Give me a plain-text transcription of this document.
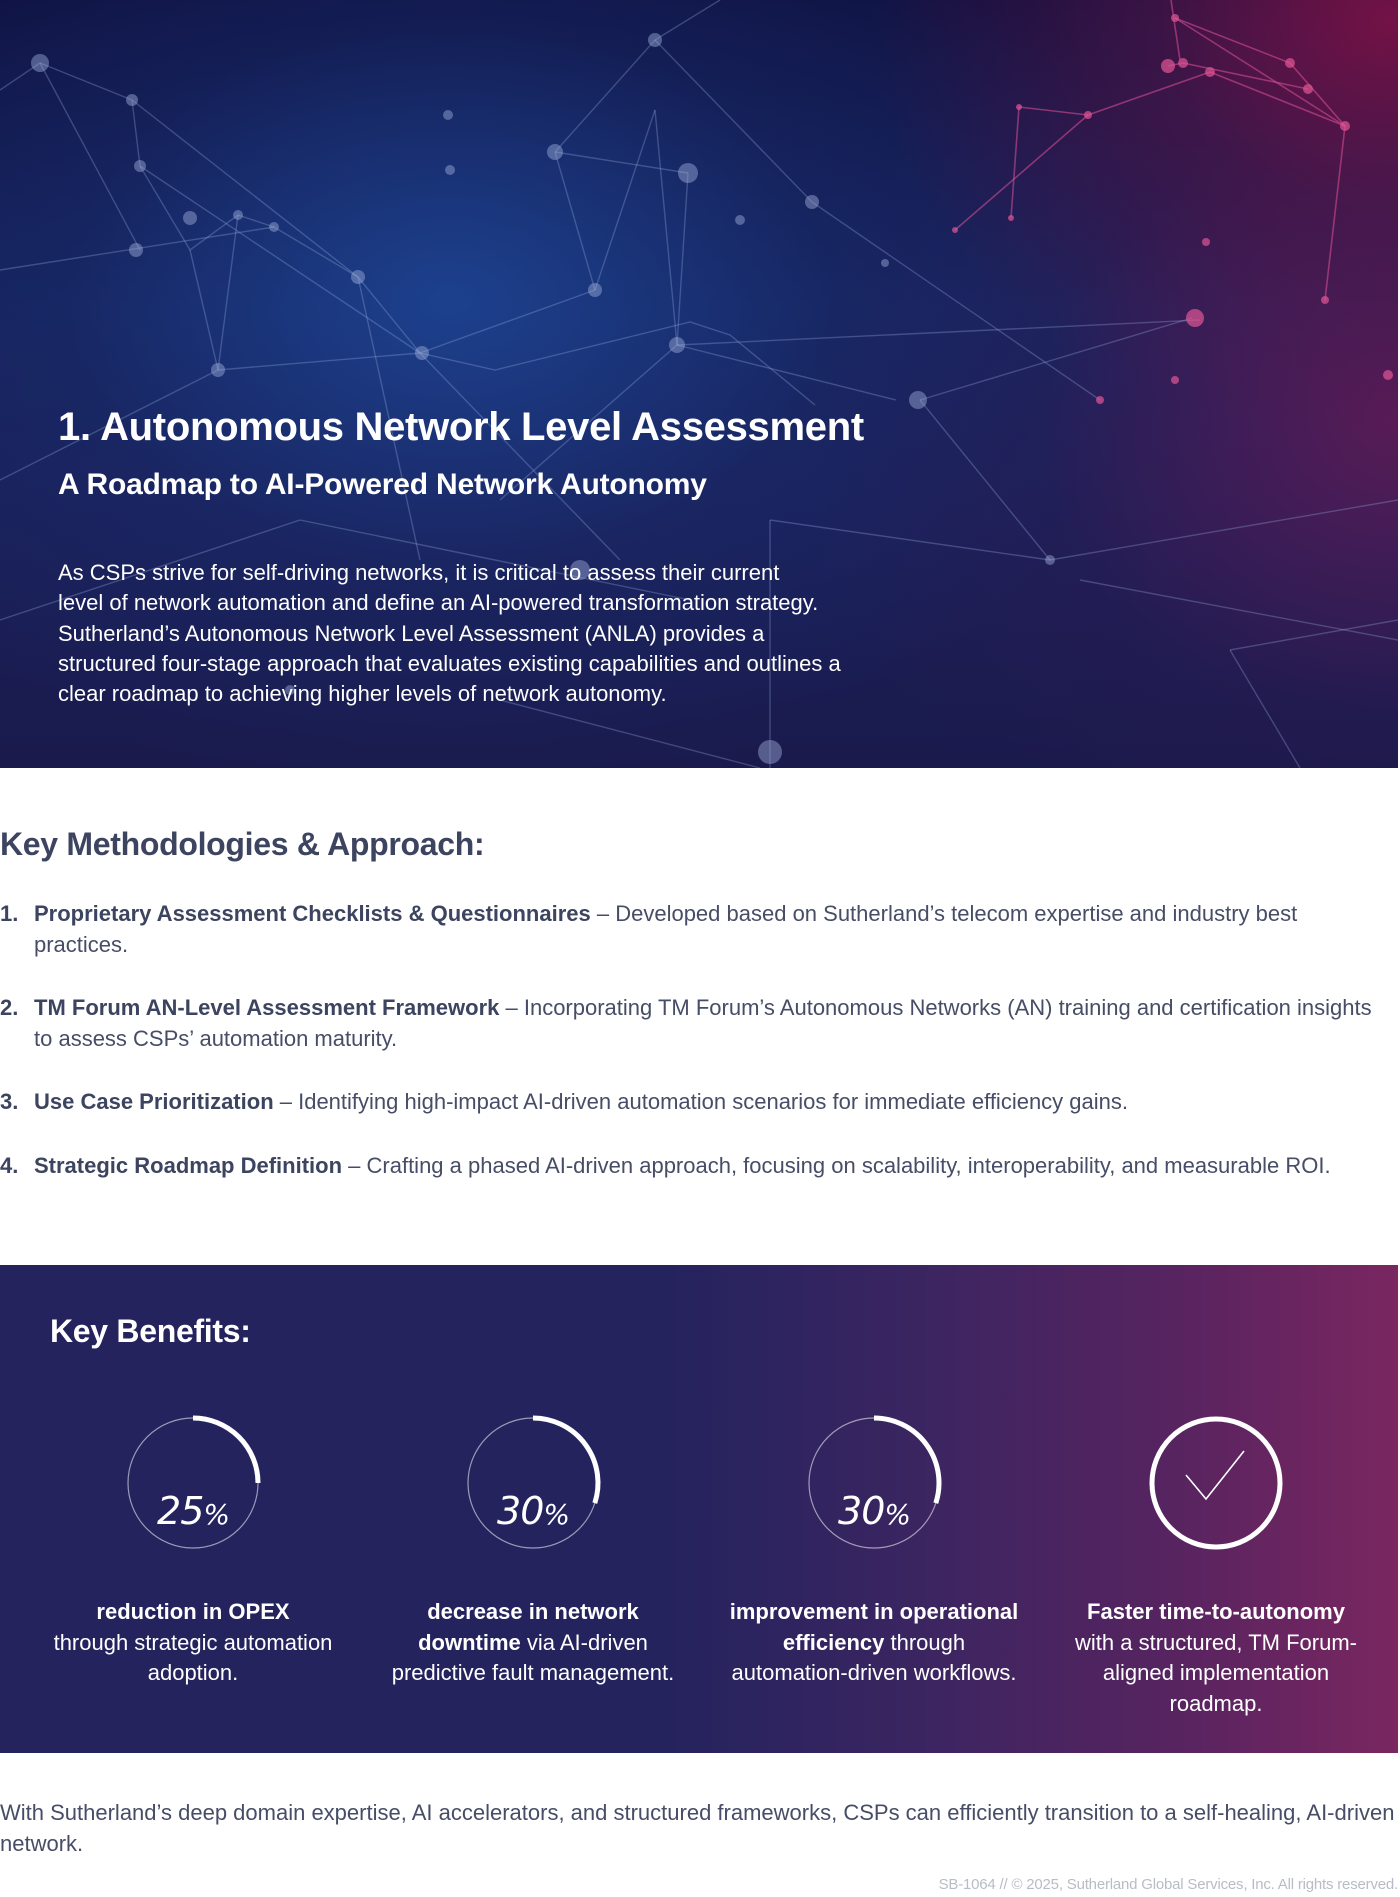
1. Autonomous Network Level Assessment
A Roadmap to AI-Powered Network Autonomy

As CSPs strive for self-driving networks, it is critical to assess their current
level of network automation and define an AI-powered transformation strategy.
Sutherland’s Autonomous Network Level Assessment (ANLA) provides a
structured four-stage approach that evaluates existing capabilities and outlines a
clear roadmap to achieving higher levels of network autonomy.

Key Methodologies & Approach:
1. Proprietary Assessment Checklists & Questionnaires – Developed based on Sutherland’s telecom expertise and industry best practices.
2. TM Forum AN-Level Assessment Framework – Incorporating TM Forum’s Autonomous Networks (AN) training and certification insights to assess CSPs’ automation maturity.
3. Use Case Prioritization – Identifying high-impact AI-driven automation scenarios for immediate efficiency gains.
4. Strategic Roadmap Definition – Crafting a phased AI-driven approach, focusing on scalability, interoperability, and measurable ROI.
Key Benefits:
25%

reduction in OPEX
through strategic automation adoption.

30%

decrease in network downtime via AI-driven predictive fault management.

30%

improvement in operational efficiency through automation-driven workflows.

Faster time-to-autonomy with a structured, TM Forum-aligned implementation roadmap.

With Sutherland’s deep domain expertise, AI accelerators, and structured frameworks, CSPs can efficiently transition to a self-healing, AI-driven network.

SB-1064 // © 2025, Sutherland Global Services, Inc. All rights reserved.
